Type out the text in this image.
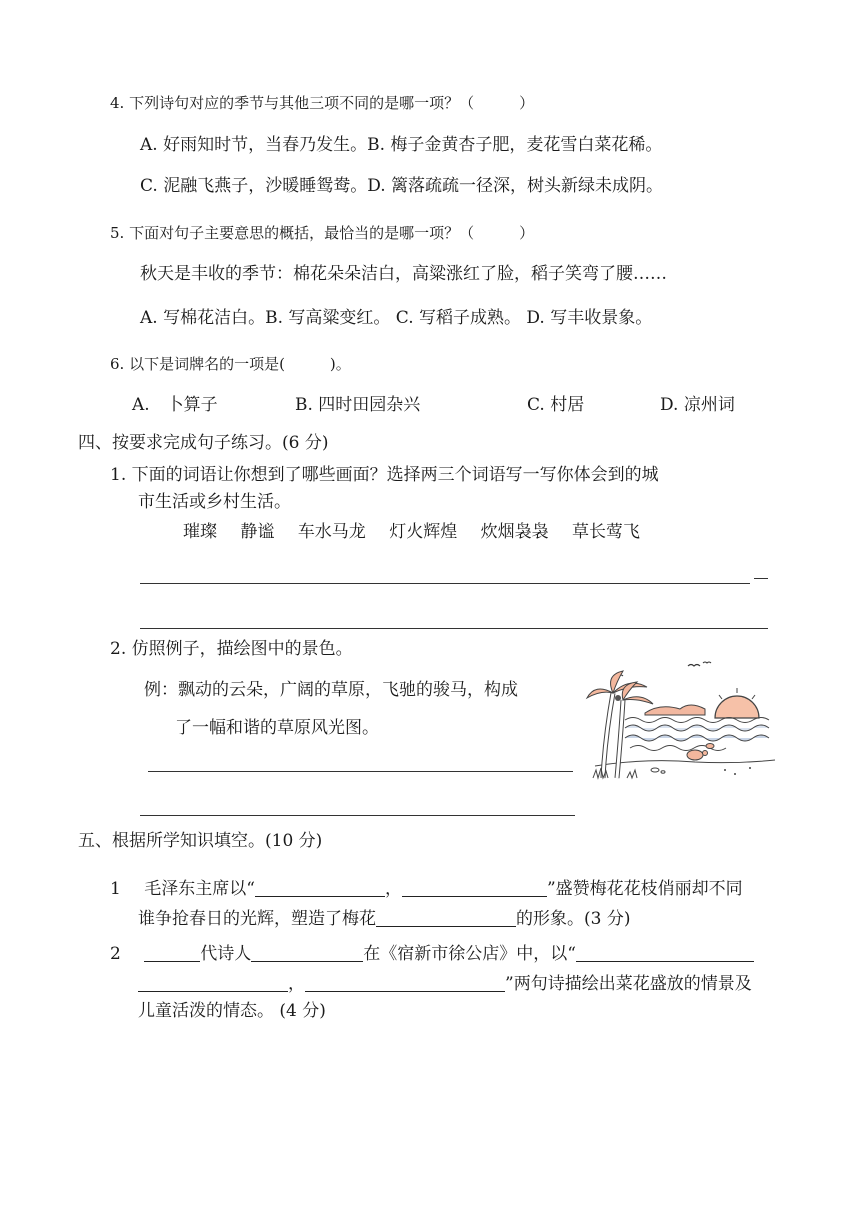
4. 下列诗句对应的季节与其他三项不同的是哪一项？（　　　）
A. 好雨知时节，当春乃发生。B. 梅子金黄杏子肥，麦花雪白菜花稀。
C. 泥融飞燕子，沙暖睡鸳鸯。D. 篱落疏疏一径深，树头新绿未成阴。
5. 下面对句子主要意思的概括，最恰当的是哪一项？（　　　）
秋天是丰收的季节：棉花朵朵洁白，高粱涨红了脸，稻子笑弯了腰……
A. 写棉花洁白。B. 写高粱变红。 C. 写稻子成熟。 D. 写丰收景象。
6. 以下是词牌名的一项是(　　　)。
A.　卜算子	B. 四时田园杂兴	C. 村居	D. 凉州词
四、按要求完成句子练习。(6 分)
1. 下面的词语让你想到了哪些画面？选择两三个词语写一写你体会到的城
市生活或乡村生活。
璀璨 静谧 车水马龙 灯火辉煌 炊烟袅袅 草长莺飞
2. 仿照例子，描绘图中的景色。
例：飘动的云朵，广阔的草原，飞驰的骏马，构成
了一幅和谐的草原风光图。
五、根据所学知识填空。(10 分)
1 毛泽东主席以“	，	”盛赞梅花花枝俏丽却不同
谁争抢春日的光辉，塑造了梅花	的形象。(3 分)
2	代诗人	在《宿新市徐公店》中，以“
，	”两句诗描绘出菜花盛放的情景及
儿童活泼的情态。 (4 分)
